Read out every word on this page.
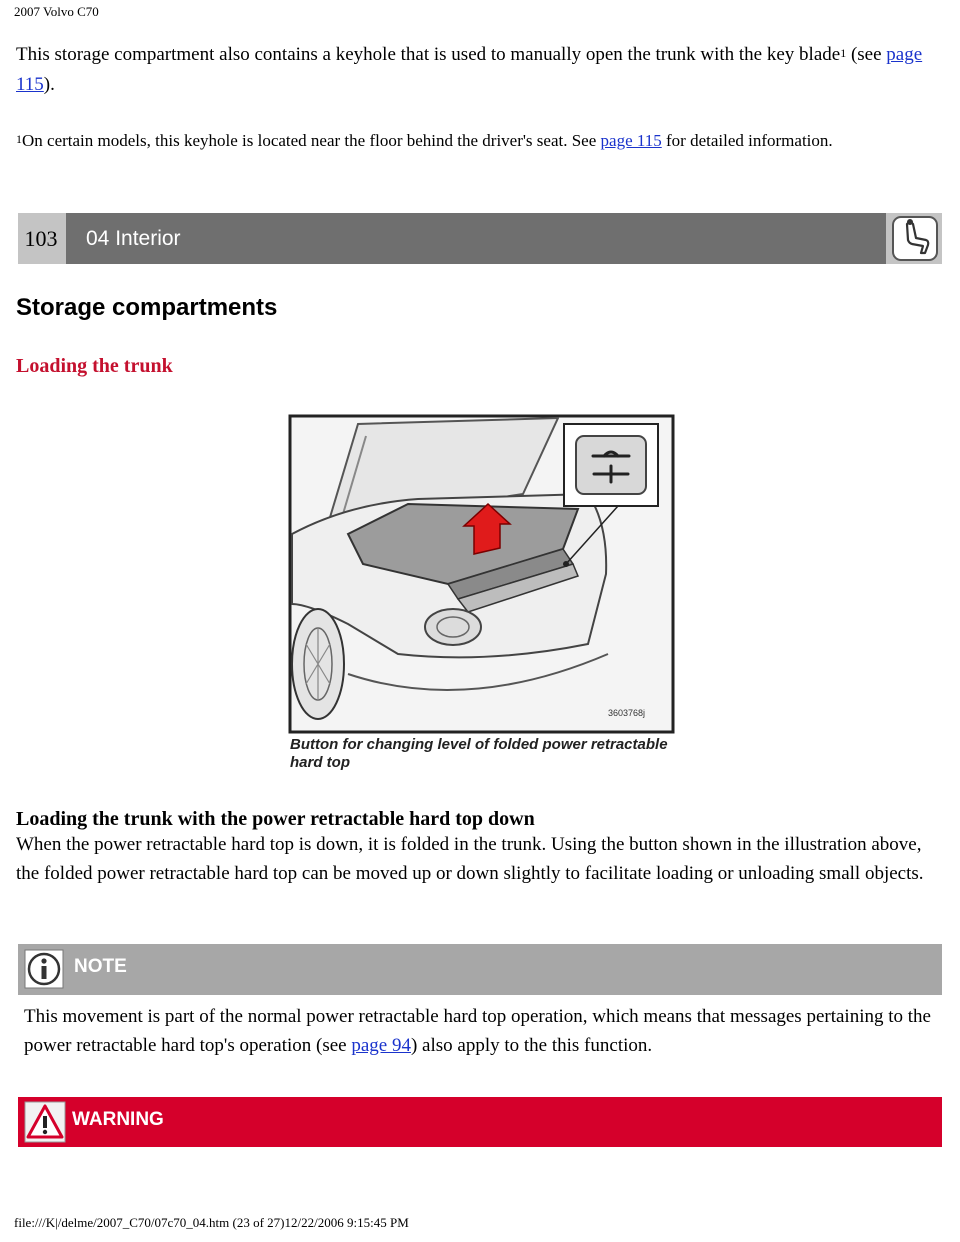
2007 Volvo C70
This storage compartment also contains a keyhole that is used to manually open the trunk with the key blade$^1$ (see page 115).
$^1$On certain models, this keyhole is located near the floor behind the driver's seat. See page 115 for detailed information.
103	04 Interior
Storage compartments
Loading the trunk
3603768j
Button for changing level of folded power retractable hard top
Loading the trunk with the power retractable hard top down
When the power retractable hard top is down, it is folded in the trunk. Using the button shown in the illustration above, the folded power retractable hard top can be moved up or down slightly to facilitate loading or unloading small objects.
NOTE
This movement is part of the normal power retractable hard top operation, which means that messages pertaining to the power retractable hard top's operation (see page 94) also apply to the this function.
WARNING
file:///K|/delme/2007_C70/07c70_04.htm (23 of 27)12/22/2006 9:15:45 PM
